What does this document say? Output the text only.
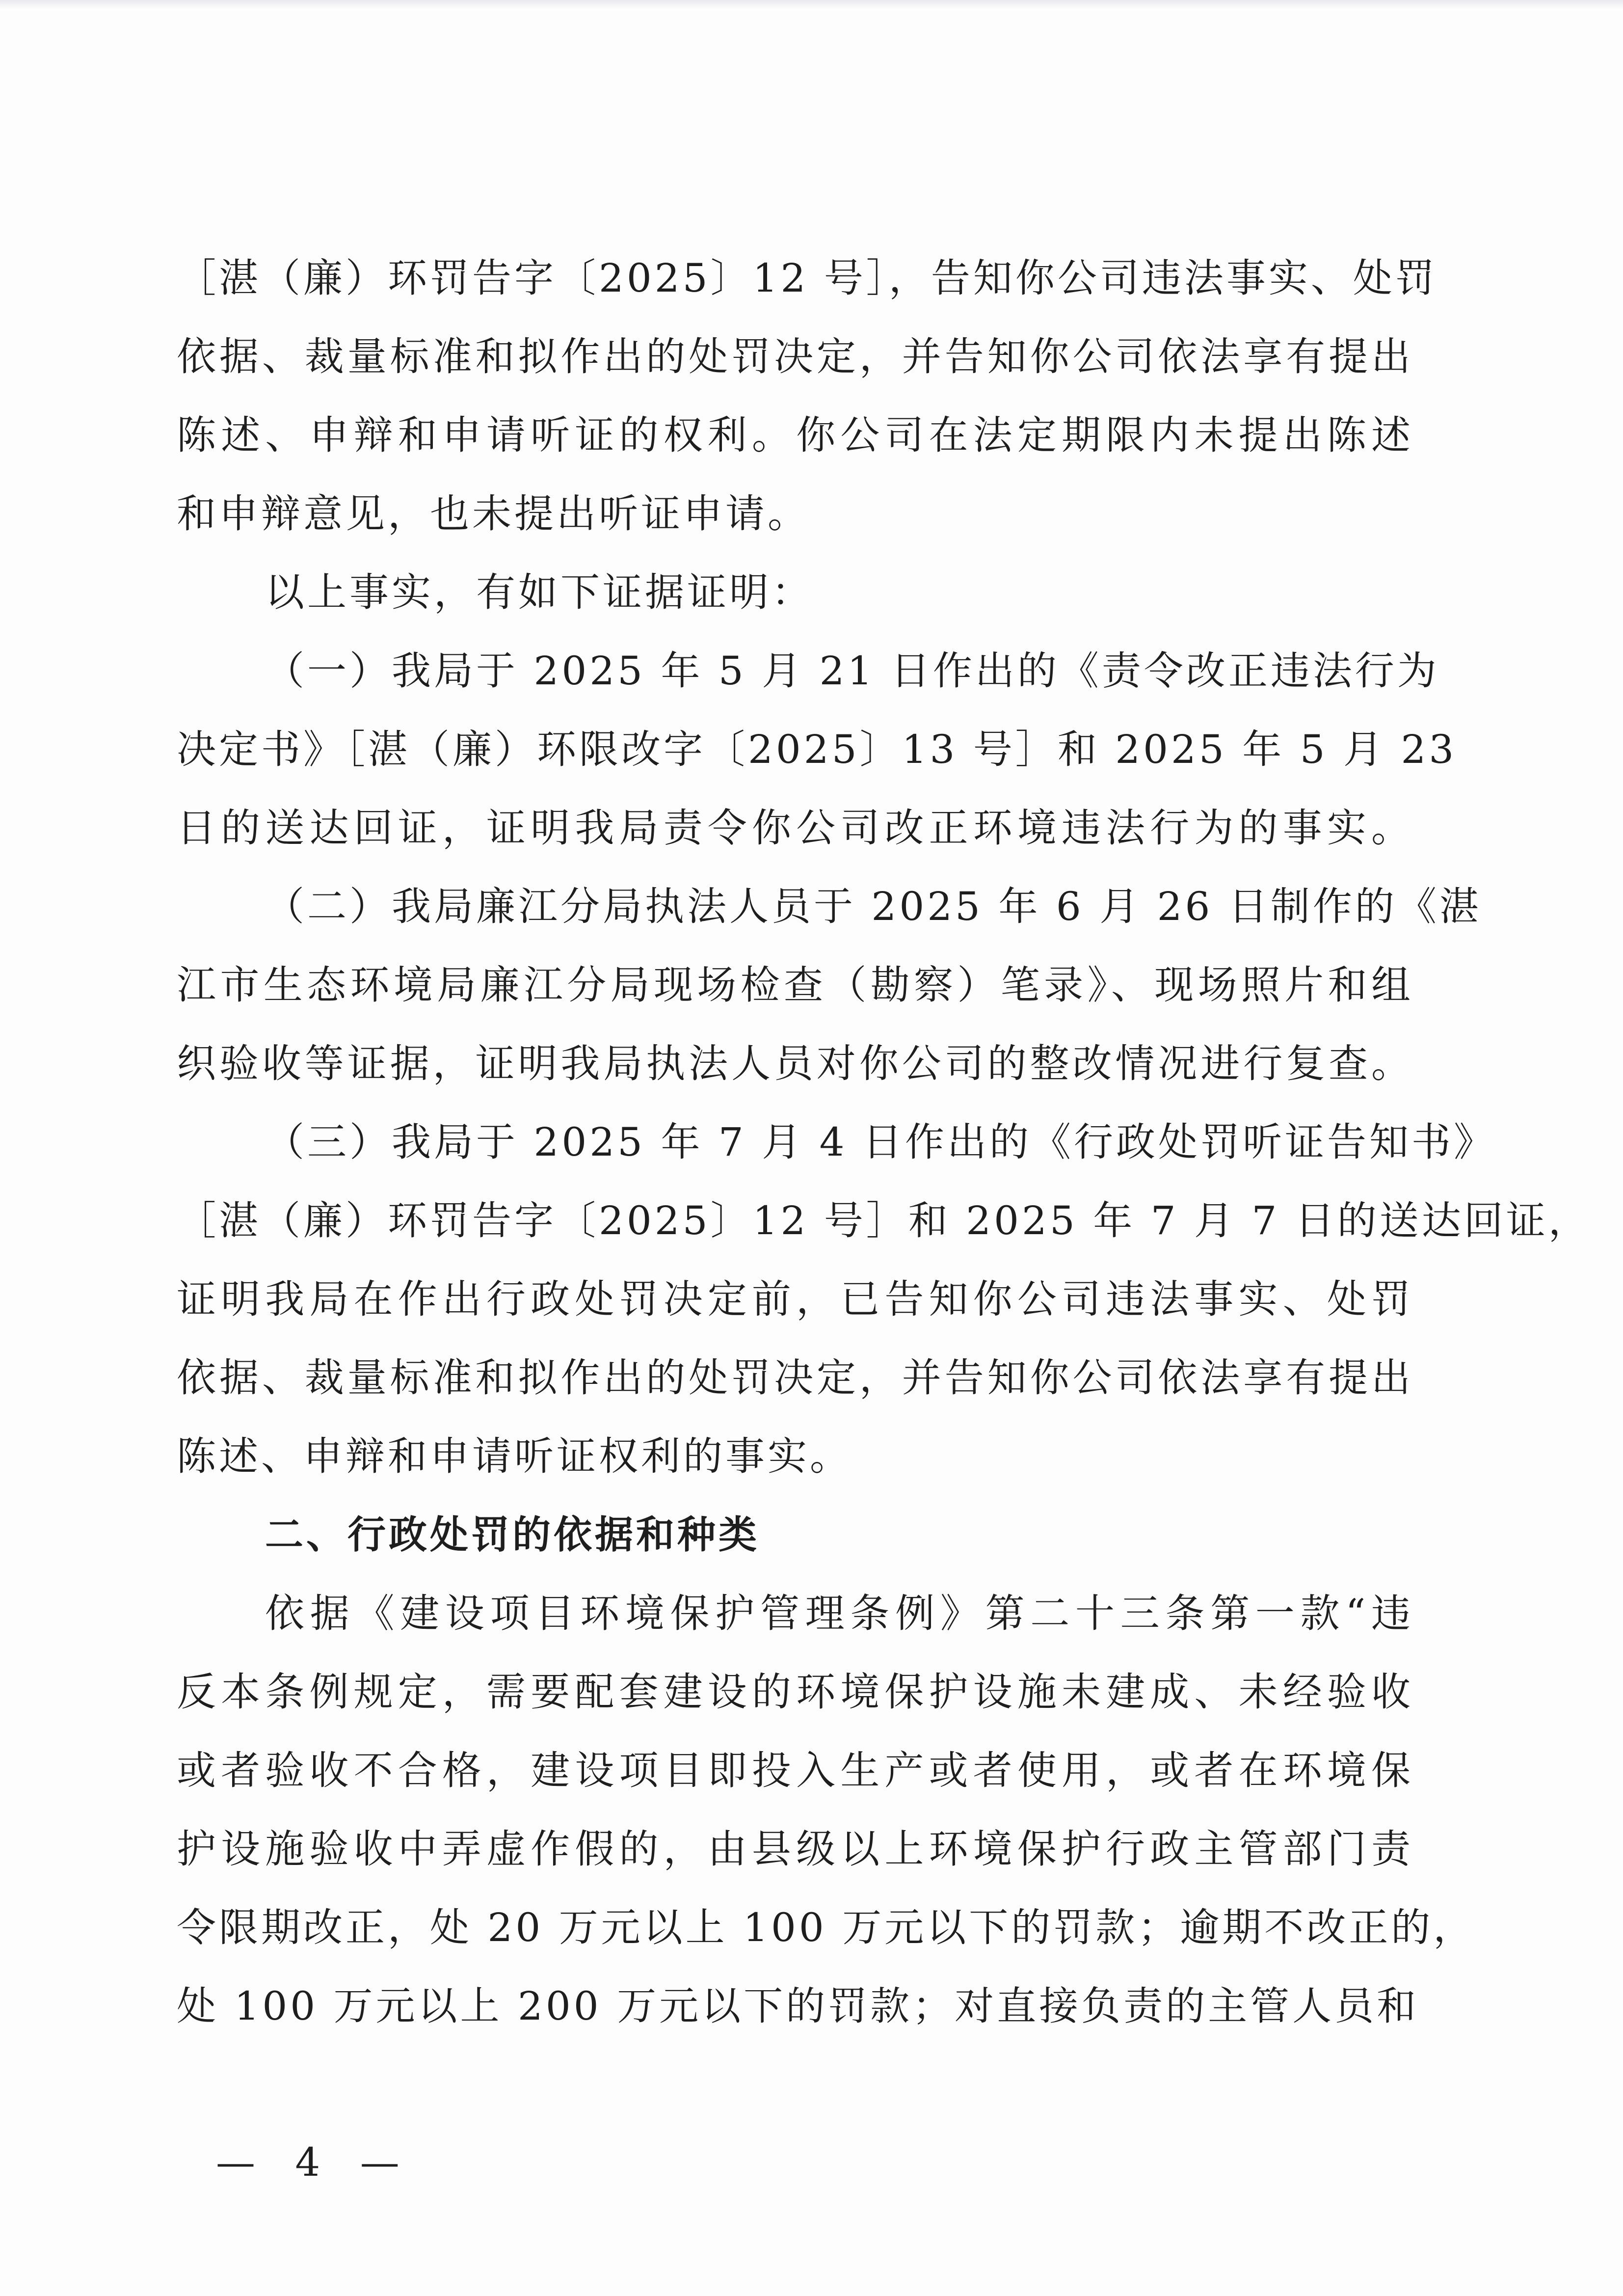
［湛（廉）环罚告字〔2025〕12 号］，告知你公司违法事实、处罚
依据、裁量标准和拟作出的处罚决定，并告知你公司依法享有提出
陈述、申辩和申请听证的权利。你公司在法定期限内未提出陈述
和申辩意见，也未提出听证申请。
以上事实，有如下证据证明：
（一）我局于 2025 年 5 月 21 日作出的《责令改正违法行为
决定书》［湛（廉）环限改字〔2025〕13 号］和 2025 年 5 月 23
日的送达回证，证明我局责令你公司改正环境违法行为的事实。
（二）我局廉江分局执法人员于 2025 年 6 月 26 日制作的《湛
江市生态环境局廉江分局现场检查（勘察）笔录》、现场照片和组
织验收等证据，证明我局执法人员对你公司的整改情况进行复查。
（三）我局于 2025 年 7 月 4 日作出的《行政处罚听证告知书》
［湛（廉）环罚告字〔2025〕12 号］和 2025 年 7 月 7 日的送达回证，
证明我局在作出行政处罚决定前，已告知你公司违法事实、处罚
依据、裁量标准和拟作出的处罚决定，并告知你公司依法享有提出
陈述、申辩和申请听证权利的事实。
二、行政处罚的依据和种类
依据《建设项目环境保护管理条例》第二十三条第一款“违
反本条例规定，需要配套建设的环境保护设施未建成、未经验收
或者验收不合格，建设项目即投入生产或者使用，或者在环境保
护设施验收中弄虚作假的，由县级以上环境保护行政主管部门责
令限期改正，处 20 万元以上 100 万元以下的罚款；逾期不改正的，
处 100 万元以上 200 万元以下的罚款；对直接负责的主管人员和
— 4 —
